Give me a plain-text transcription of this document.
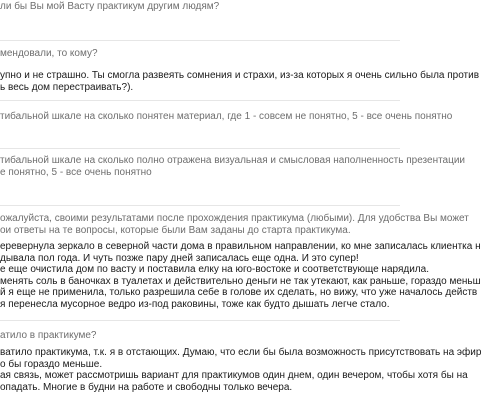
ли бы Вы мой Васту практикум другим людям?
мендовали, то кому?
упно и не страшно. Ты смогла развеять сомнения и страхи, из-за которых я очень сильно была против
ь весь дом перестраивать?).
тибальной шкале на сколько понятен материал, где 1 - совсем не понятно, 5 - все очень понятно
тибальной шкале на сколько полно отражена визуальная и смысловая наполненность презентации
е понятно, 5 - все очень понятно
ожалуйста, своими результатами после прохождения практикума (любыми). Для удобства Вы может
ои ответы на те вопросы, которые были Вам заданы до старта практикума.
еревернула зеркало в северной части дома в правильном направлении, ко мне записалась клиентка н
дывала пол года. И чуть позже пару дней записалась еще одна. И это супер!
е еще очистила дом по васту и поставила елку на юго-востоке и соответствующе нарядила.
менять соль в баночках в туалетах и действительно деньги не так утекают, как раньше, гораздо меньш
й я еще не применила, только разрешила себе в голове их сделать, но вижу, что уже началось действ
я перенесла мусорное ведро из-под раковины, тоже как будто дышать легче стало.
атило в практикуме?
ватило практикума, т.к. я в отстающих. Думаю, что если бы была возможность присутствовать на эфир
о бы гораздо меньше.
ая связь, может рассмотришь вариант для практикумов один днем, один вечером, чтобы хотя бы на
опадать. Многие в будни на работе и свободны только вечера.
